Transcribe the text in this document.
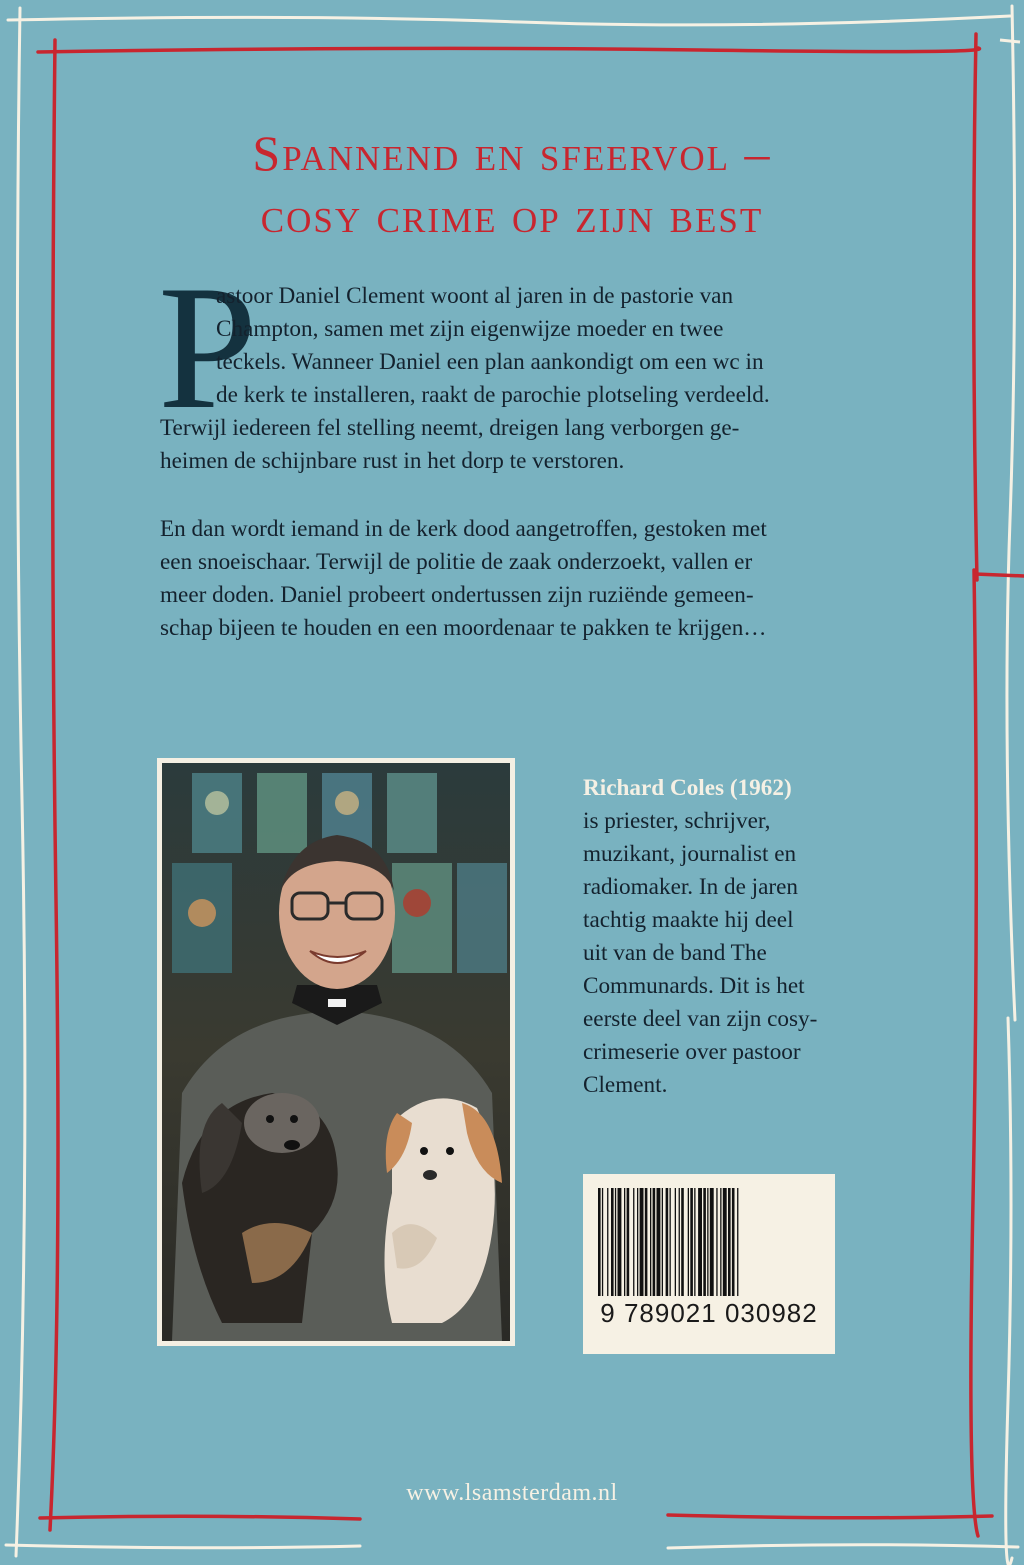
Spannend en sfeervol –
cosy crime op zijn best
P

astoor Daniel Clement woont al jaren in de pastorie van
Champton, samen met zijn eigenwijze moeder en twee
teckels. Wanneer Daniel een plan aankondigt om een wc in
de kerk te installeren, raakt de parochie plotseling verdeeld.
Terwijl iedereen fel stelling neemt, dreigen lang verborgen ge-
heimen de schijnbare rust in het dorp te verstoren.

En dan wordt iemand in de kerk dood aangetroffen, gestoken met
een snoeischaar. Terwijl de politie de zaak onderzoekt, vallen er
meer doden. Daniel probeert ondertussen zijn ruziënde gemeen-
schap bijeen te houden en een moordenaar te pakken te krijgen…

Richard Coles (1962)
is priester, schrijver,
muzikant, journalist en
radiomaker. In de jaren
tachtig maakte hij deel
uit van de band The
Communards. Dit is het
eerste deel van zijn cosy-
crimeserie over pastoor
Clement.
9 789021 030982
www.lsamsterdam.nl
